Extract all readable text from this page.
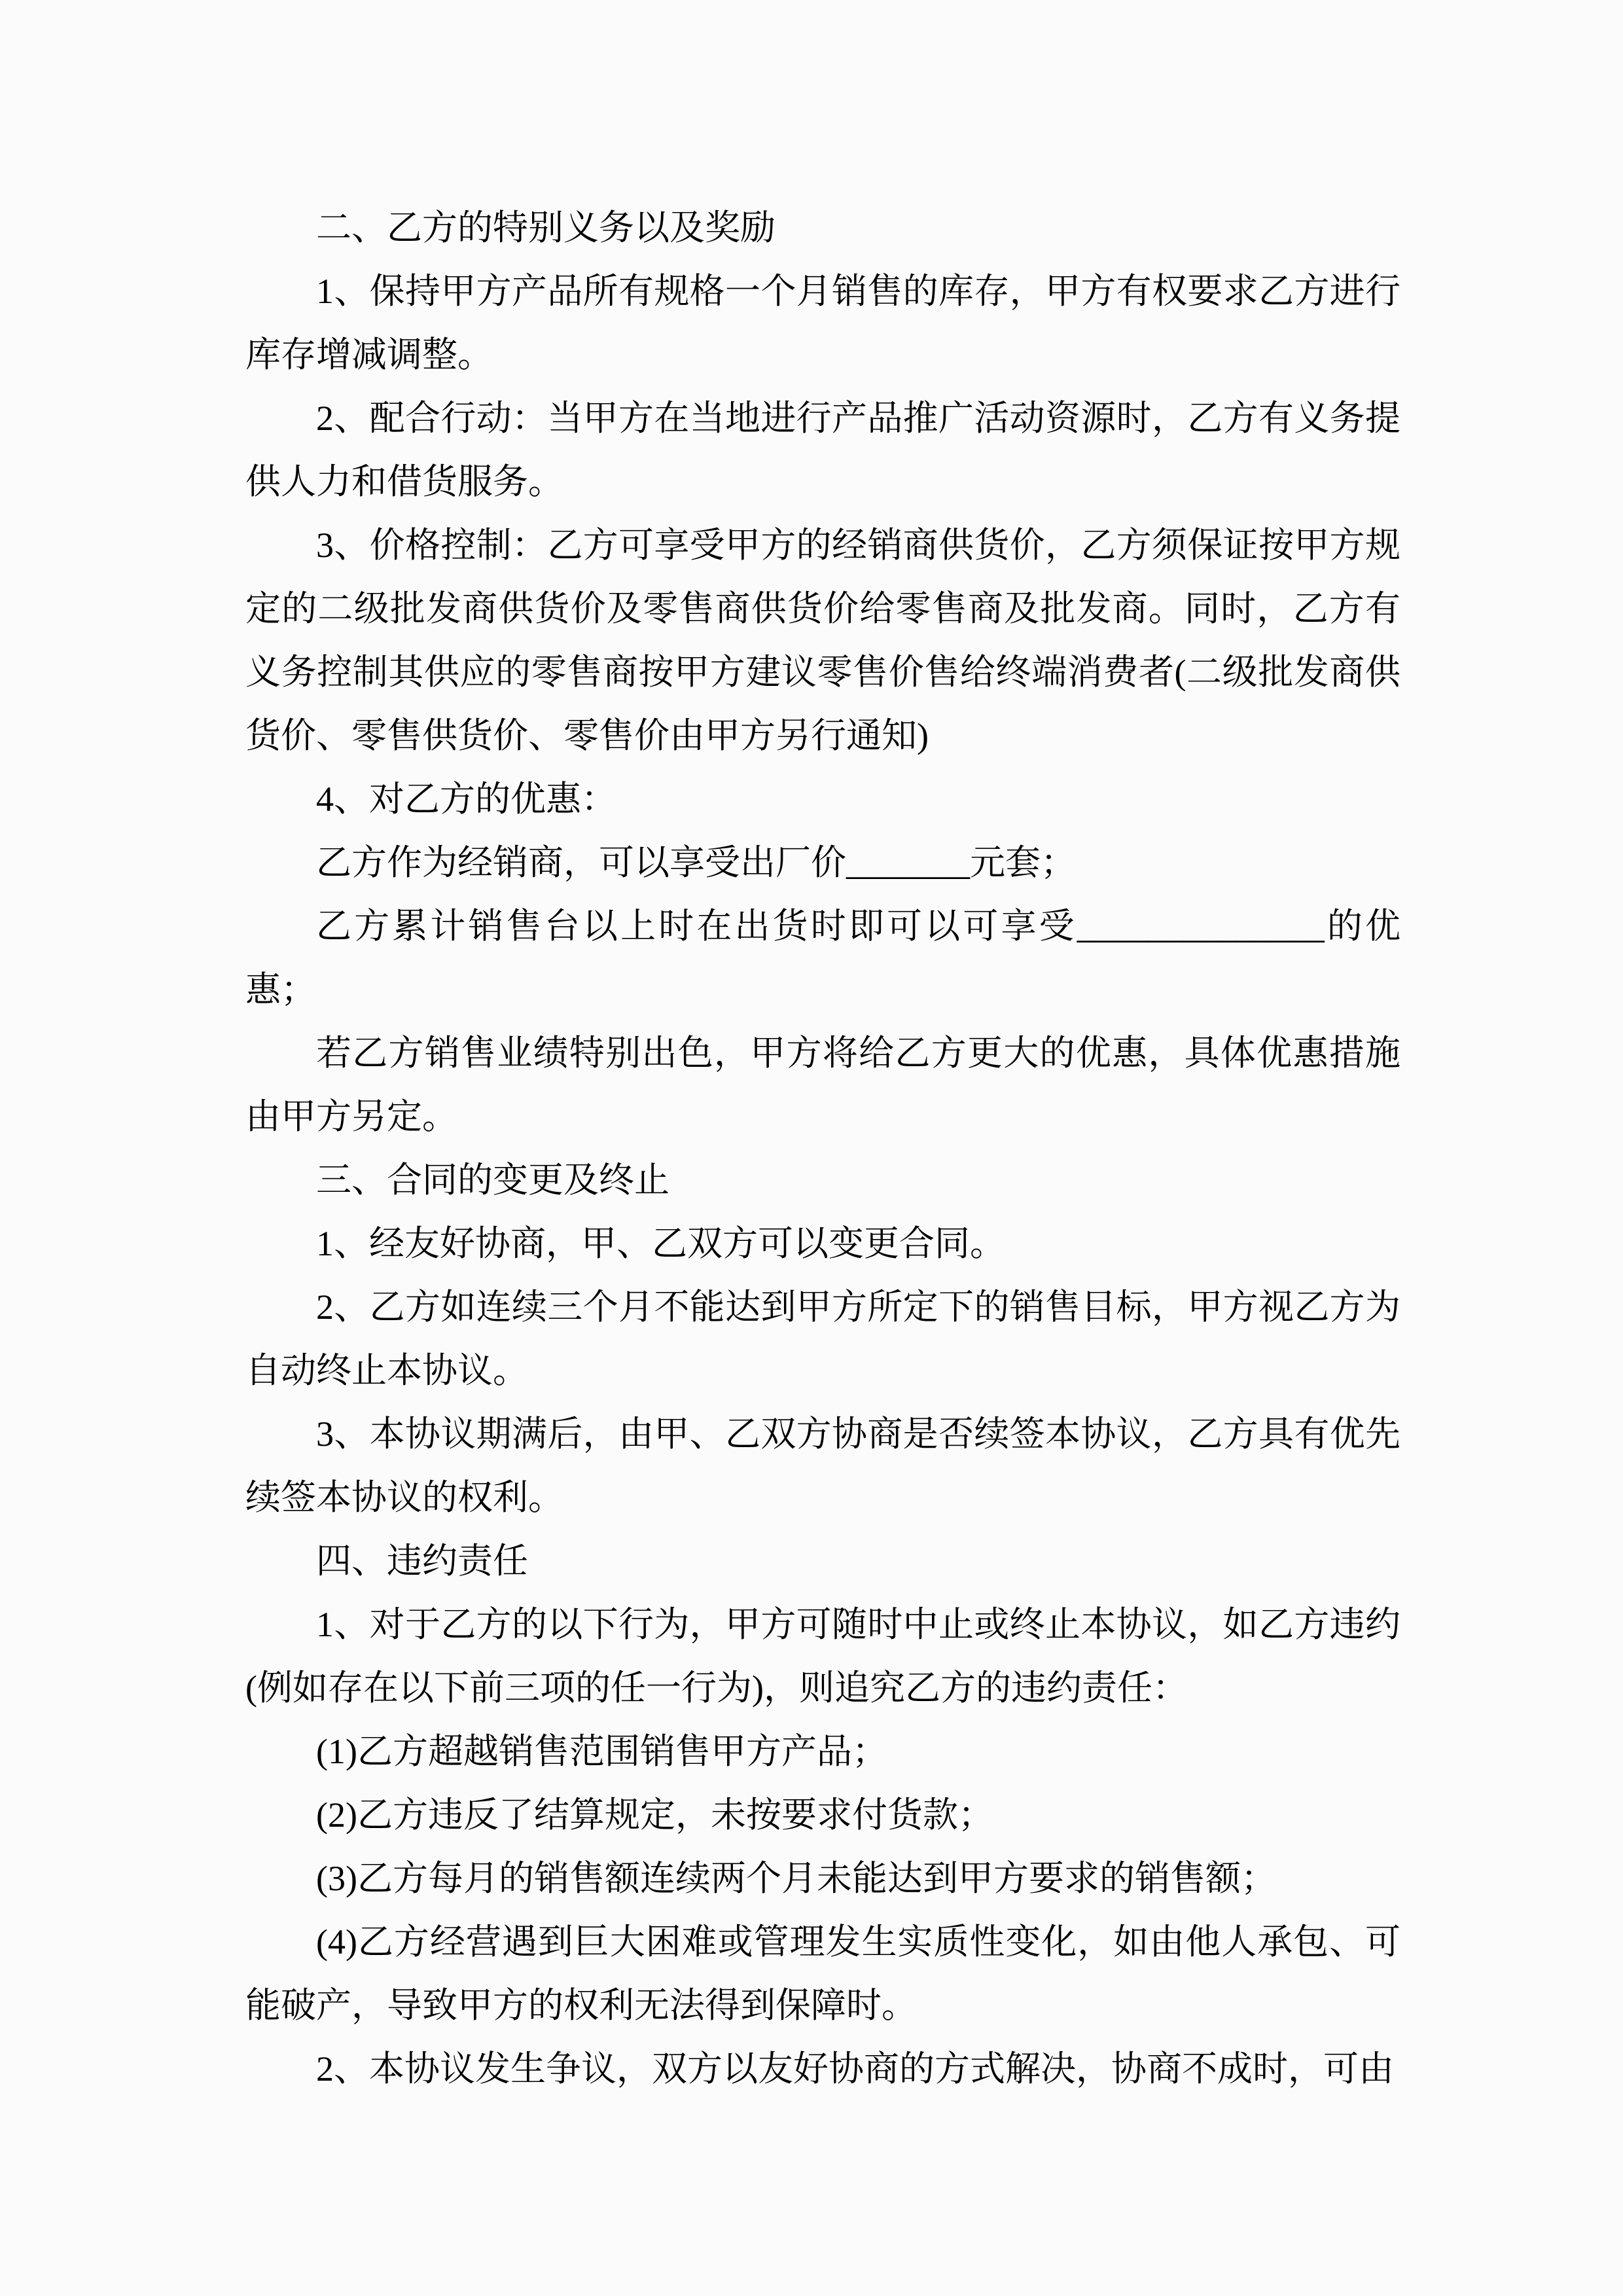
二、乙方的特别义务以及奖励

1、保持甲方产品所有规格一个月销售的库存，甲方有权要求乙方进行库存增减调整。

2、配合行动：当甲方在当地进行产品推广活动资源时，乙方有义务提供人力和借货服务。

3、价格控制：乙方可享受甲方的经销商供货价，乙方须保证按甲方规定的二级批发商供货价及零售商供货价给零售商及批发商。同时，乙方有义务控制其供应的零售商按甲方建议零售价售给终端消费者(二级批发商供货价、零售供货价、零售价由甲方另行通知)

4、对乙方的优惠：

乙方作为经销商，可以享受出厂价_______元套；

乙方累计销售台以上时在出货时即可以可享受______________的优惠；

若乙方销售业绩特别出色，甲方将给乙方更大的优惠，具体优惠措施由甲方另定。

三、合同的变更及终止

1、经友好协商，甲、乙双方可以变更合同。

2、乙方如连续三个月不能达到甲方所定下的销售目标，甲方视乙方为自动终止本协议。

3、本协议期满后，由甲、乙双方协商是否续签本协议，乙方具有优先续签本协议的权利。

四、违约责任

1、对于乙方的以下行为，甲方可随时中止或终止本协议，如乙方违约(例如存在以下前三项的任一行为)，则追究乙方的违约责任：

(1)乙方超越销售范围销售甲方产品；

(2)乙方违反了结算规定，未按要求付货款；

(3)乙方每月的销售额连续两个月未能达到甲方要求的销售额；

(4)乙方经营遇到巨大困难或管理发生实质性变化，如由他人承包、可能破产，导致甲方的权利无法得到保障时。

2、本协议发生争议，双方以友好协商的方式解决，协商不成时，可由
